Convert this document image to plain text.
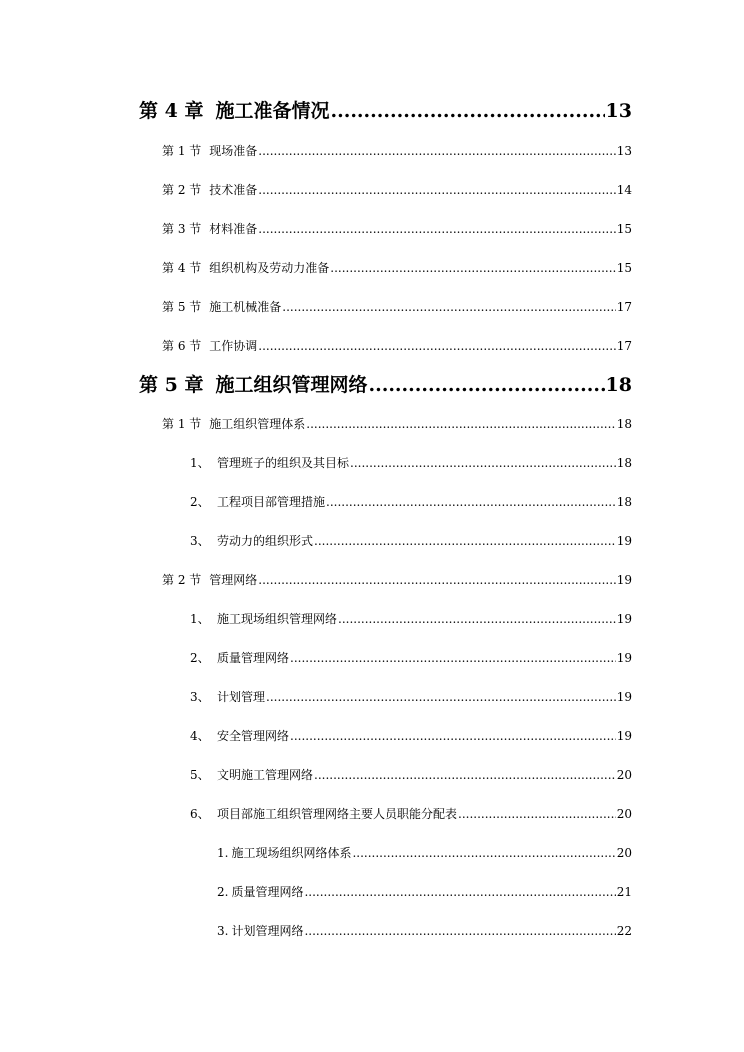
第 4 章 施工准备情况 .....	13
第 1 节 现场准备 .....	13
第 2 节 技术准备 .....	14
第 3 节 材料准备 .....	15
第 4 节 组织机构及劳动力准备 .....	15
第 5 节 施工机械准备 .....	17
第 6 节 工作协调 .....	17
第 5 章 施工组织管理网络 .....	18
第 1 节 施工组织管理体系 .....	18
1、 管理班子的组织及其目标 .....	18
2、 工程项目部管理措施 .....	18
3、 劳动力的组织形式 .....	19
第 2 节 管理网络 .....	19
1、 施工现场组织管理网络 .....	19
2、 质量管理网络 .....	19
3、 计划管理 .....	19
4、 安全管理网络 .....	19
5、 文明施工管理网络 .....	20
6、 项目部施工组织管理网络主要人员职能分配表 .....	20
1. 施工现场组织网络体系 .....	20
2. 质量管理网络 .....	21
3. 计划管理网络 .....	22
